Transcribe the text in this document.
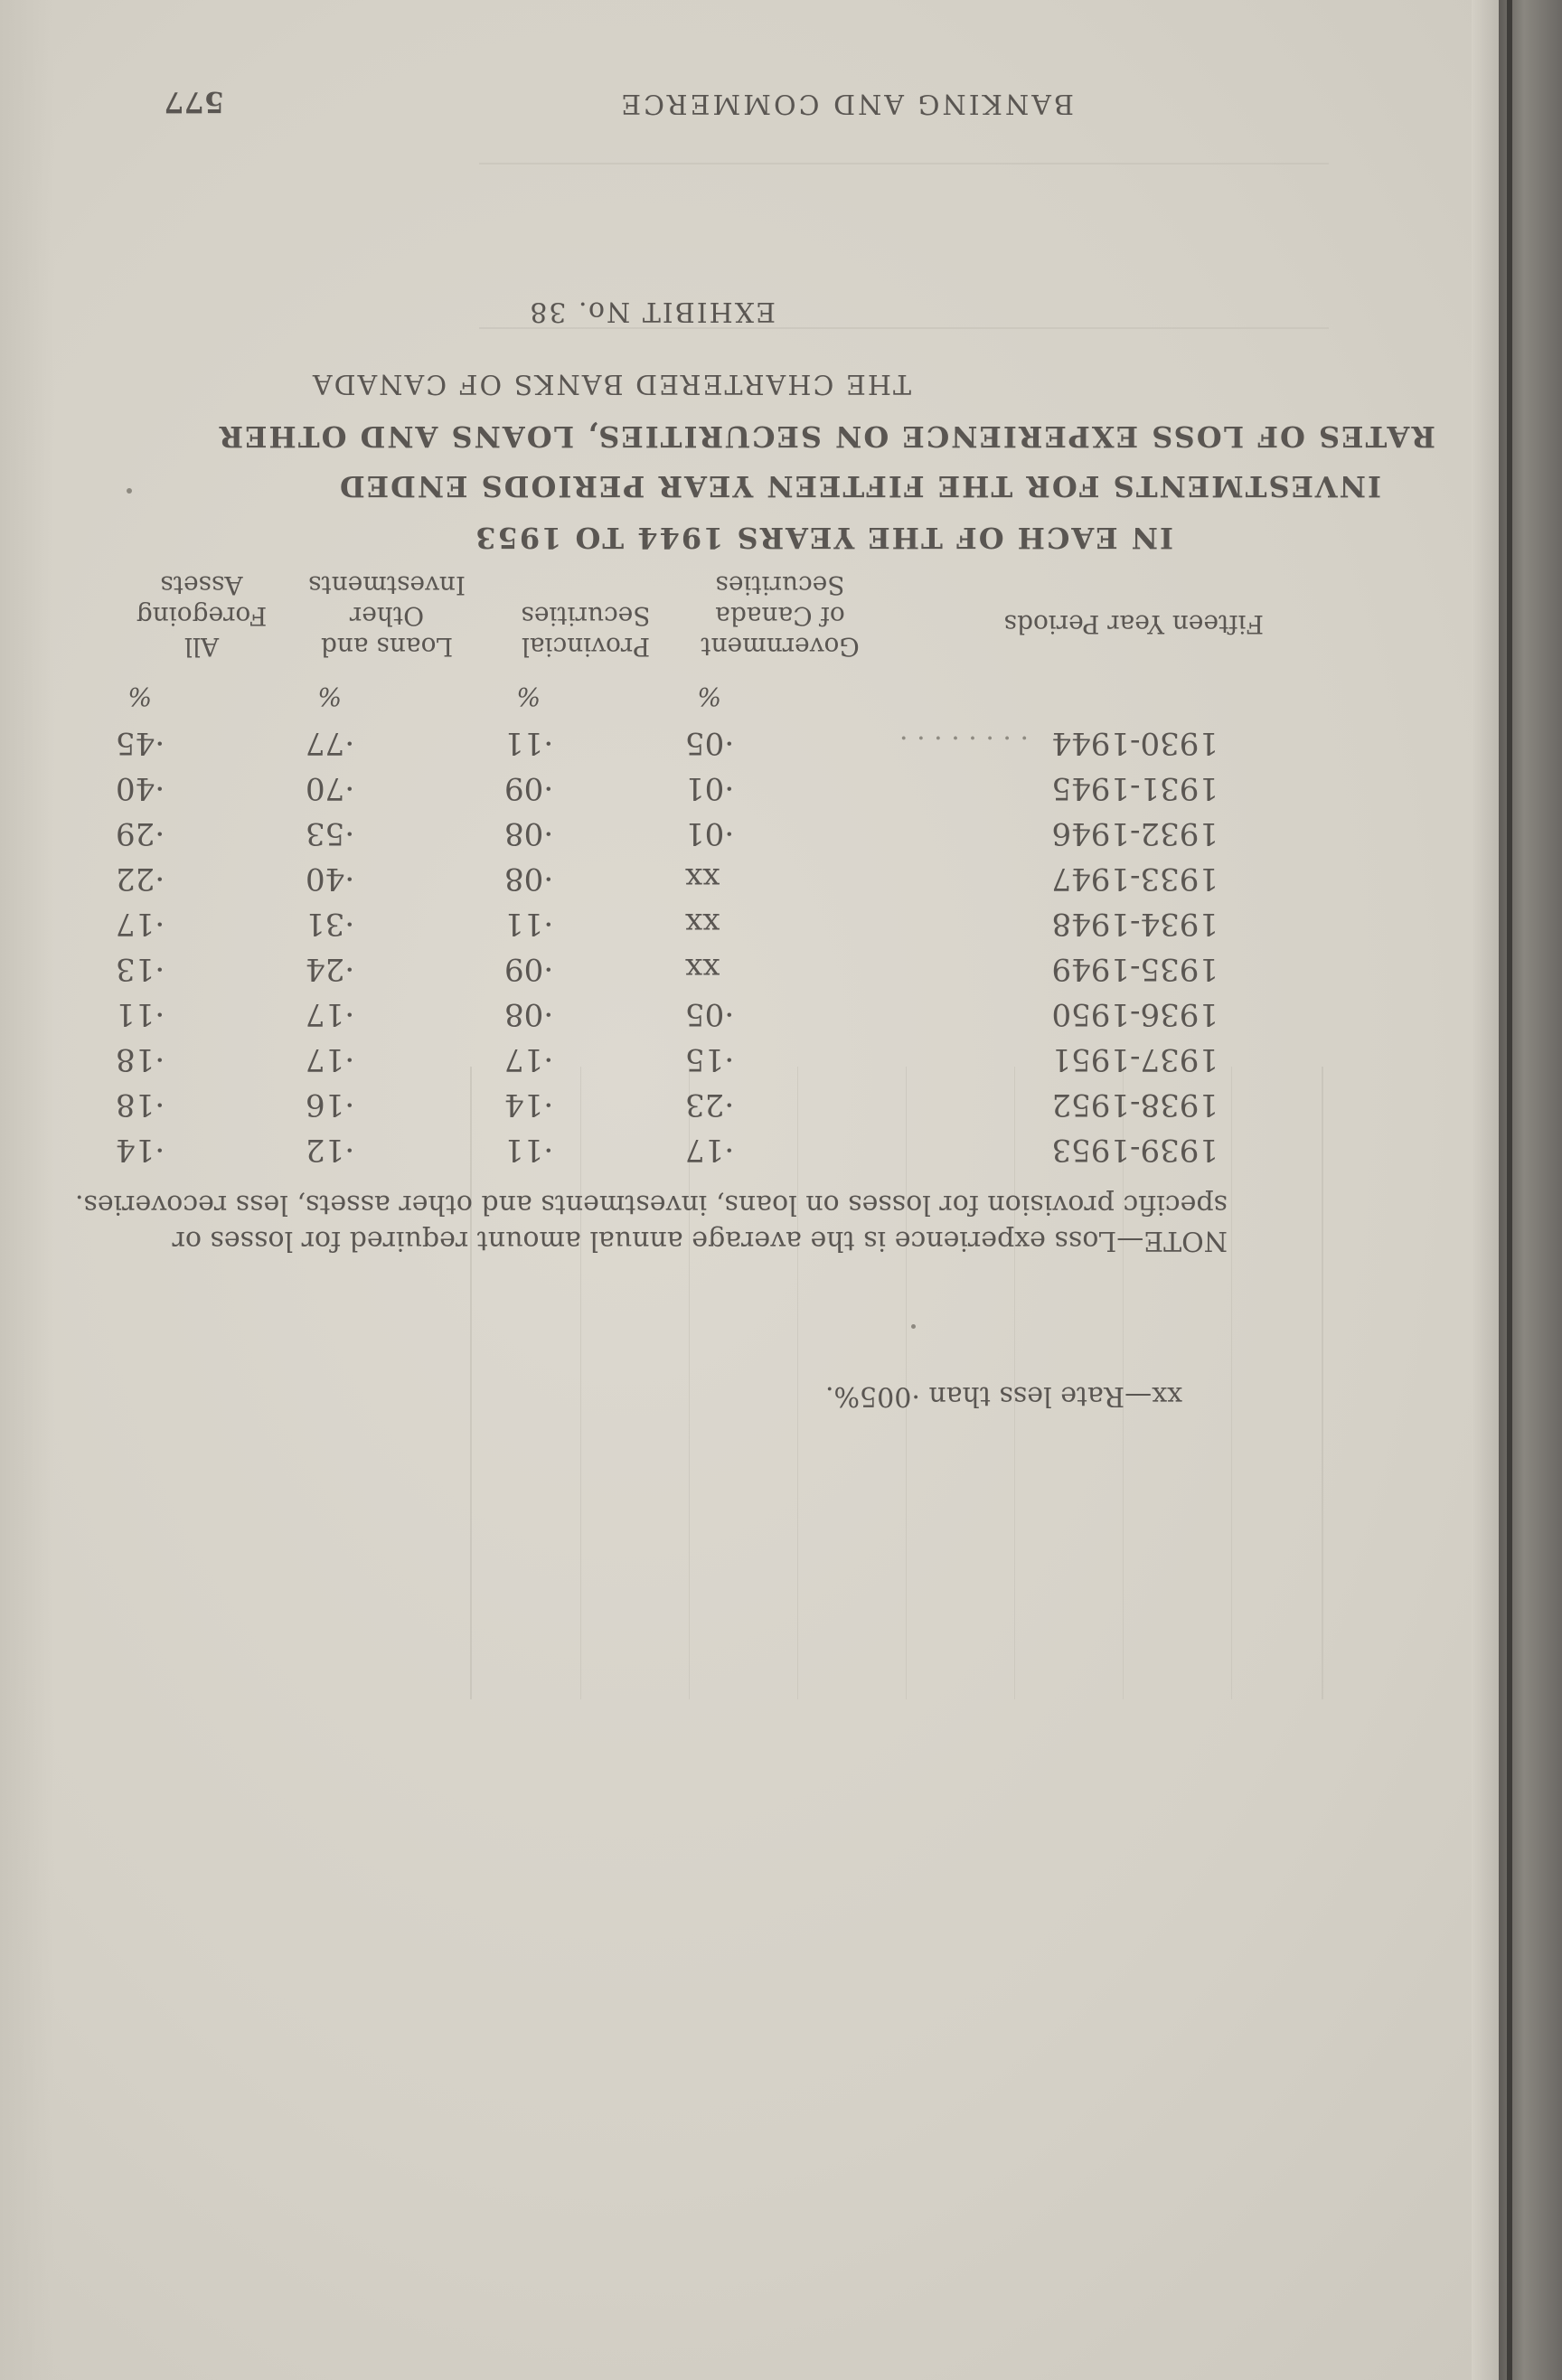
BANKING AND COMMERCE
577
EXHIBIT No. 38
THE CHARTERED BANKS OF CANADA
RATES OF LOSS EXPERIENCE ON SECURITIES, LOANS AND OTHER
INVESTMENTS FOR THE FIFTEEN YEAR PERIODS ENDED
IN EACH OF THE YEARS 1944 TO 1953
Fifteen Year Periods
Government of Canada Securities
Provincial Securities
Loans and Other Investments
All Foregoing Assets
%
%
%
%
1930-1944
·05
·11
·77
·45
1931-1945
·01
·09
·70
·40
1932-1946
·01
·08
·53
·29
1933-1947
xx
·08
·40
·22
1934-1948
xx
·11
·31
·17
1935-1949
xx
·09
·24
·13
1936-1950
·05
·08
·17
·11
1937-1951
·15
·17
·17
·18
1938-1952
·23
·14
·16
·18
1939-1953
·17
·11
·12
·14
. . . . . . . .
NOTE—Loss experience is the average annual amount required for losses or specific provision for losses on loans, investments and other assets, less recoveries.
xx—Rate less than ·005%.
